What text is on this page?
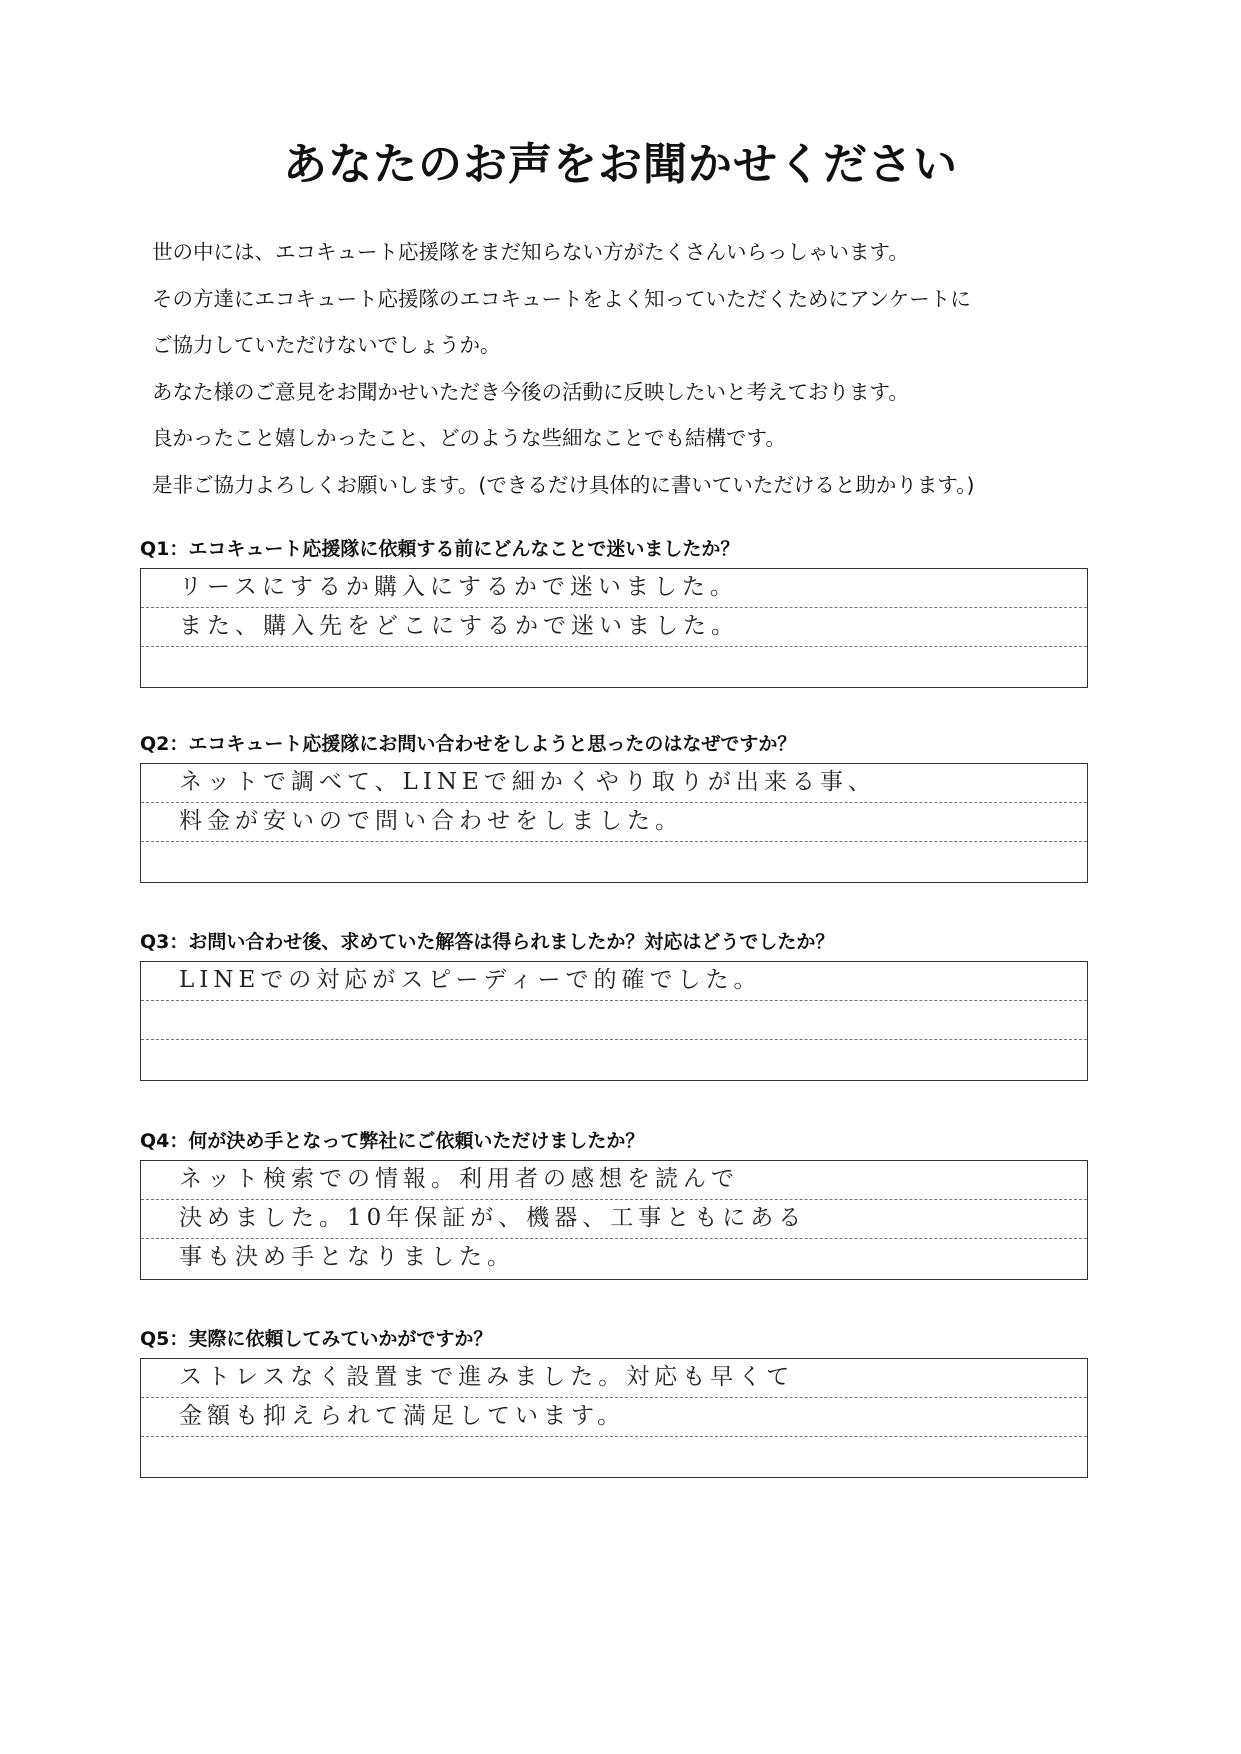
あなたのお声をお聞かせください

世の中には、エコキュート応援隊をまだ知らない方がたくさんいらっしゃいます。

その方達にエコキュート応援隊のエコキュートをよく知っていただくためにアンケートに

ご協力していただけないでしょうか。

あなた様のご意見をお聞かせいただき今後の活動に反映したいと考えております。

良かったこと嬉しかったこと、どのような些細なことでも結構です。

是非ご協力よろしくお願いします。(できるだけ具体的に書いていただけると助かります。)

Q1：エコキュート応援隊に依頼する前にどんなことで迷いましたか？
リースにするか購入にするかで迷いました。
また、購入先をどこにするかで迷いました。
Q2：エコキュート応援隊にお問い合わせをしようと思ったのはなぜですか？
ネットで調べて、LINEで細かくやり取りが出来る事、
料金が安いので問い合わせをしました。
Q3：お問い合わせ後、求めていた解答は得られましたか？対応はどうでしたか？
LINEでの対応がスピーディーで的確でした。
Q4：何が決め手となって弊社にご依頼いただけましたか？
ネット検索での情報。利用者の感想を読んで
決めました。10年保証が、機器、工事ともにある
事も決め手となりました。
Q5：実際に依頼してみていかがですか？
ストレスなく設置まで進みました。対応も早くて
金額も抑えられて満足しています。
